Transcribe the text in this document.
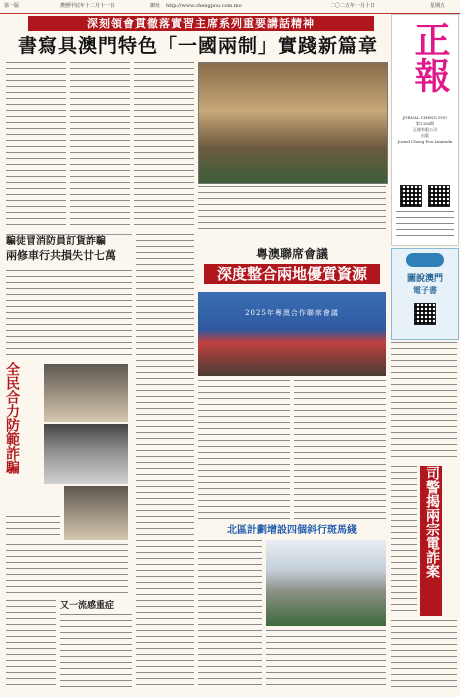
第一版	農曆甲辰年十二月十一日	網址 http://www.chengpou.com.mo	二〇二五年一月十日	星期五
深刻領會貫徹落實習主席系列重要講話精神
書寫具澳門特色「一國兩制」實踐新篇章 正報
JORNAL CHENG POU
第1356期
正報有限公司
出版
Jornal Cheng Pou Limitada
騙徒冒消防員訂貨詐騙
兩修車行共損失廿七萬
全民合力防範詐騙
粵澳聯席會議
深度整合兩地優質資源
2025年粵澳合作聯席會議
北區計劃增設四個斜行斑馬綫
又一流感重症
圖說澳門
電子書
司警揭兩宗電詐案
